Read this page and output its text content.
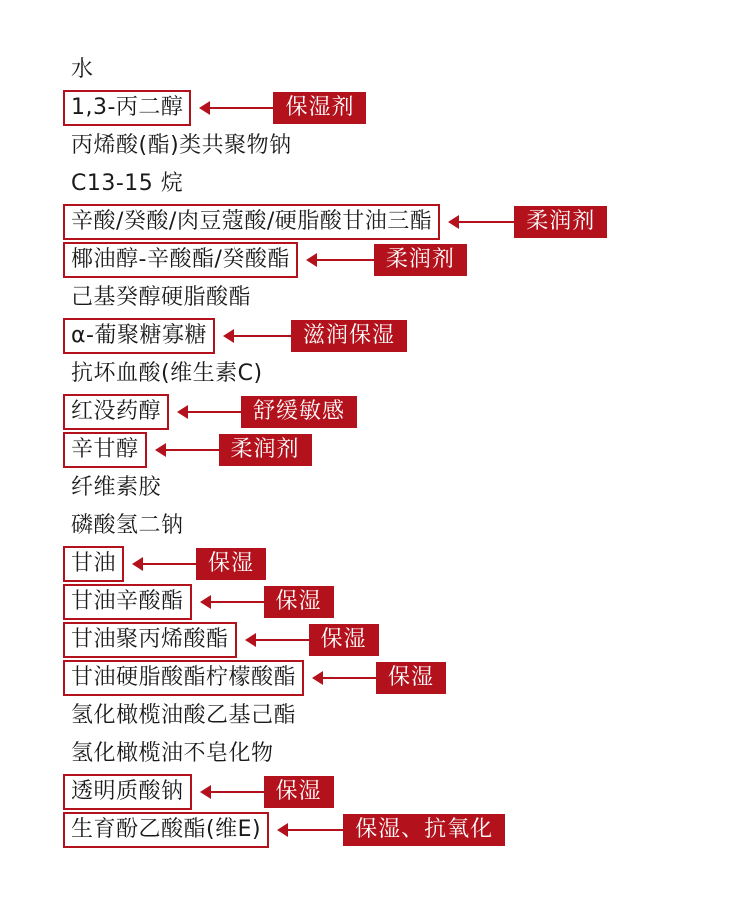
水
1,3-丙二醇	保湿剂
丙烯酸(酯)类共聚物钠
C13-15 烷
辛酸/癸酸/肉豆蔻酸/硬脂酸甘油三酯	柔润剂
椰油醇-辛酸酯/癸酸酯	柔润剂
己基癸醇硬脂酸酯
α-葡聚糖寡糖	滋润保湿
抗坏血酸(维生素C)
红没药醇	舒缓敏感
辛甘醇	柔润剂
纤维素胶
磷酸氢二钠
甘油	保湿
甘油辛酸酯	保湿
甘油聚丙烯酸酯	保湿
甘油硬脂酸酯柠檬酸酯	保湿
氢化橄榄油酸乙基己酯
氢化橄榄油不皂化物
透明质酸钠	保湿
生育酚乙酸酯(维E)	保湿、抗氧化
